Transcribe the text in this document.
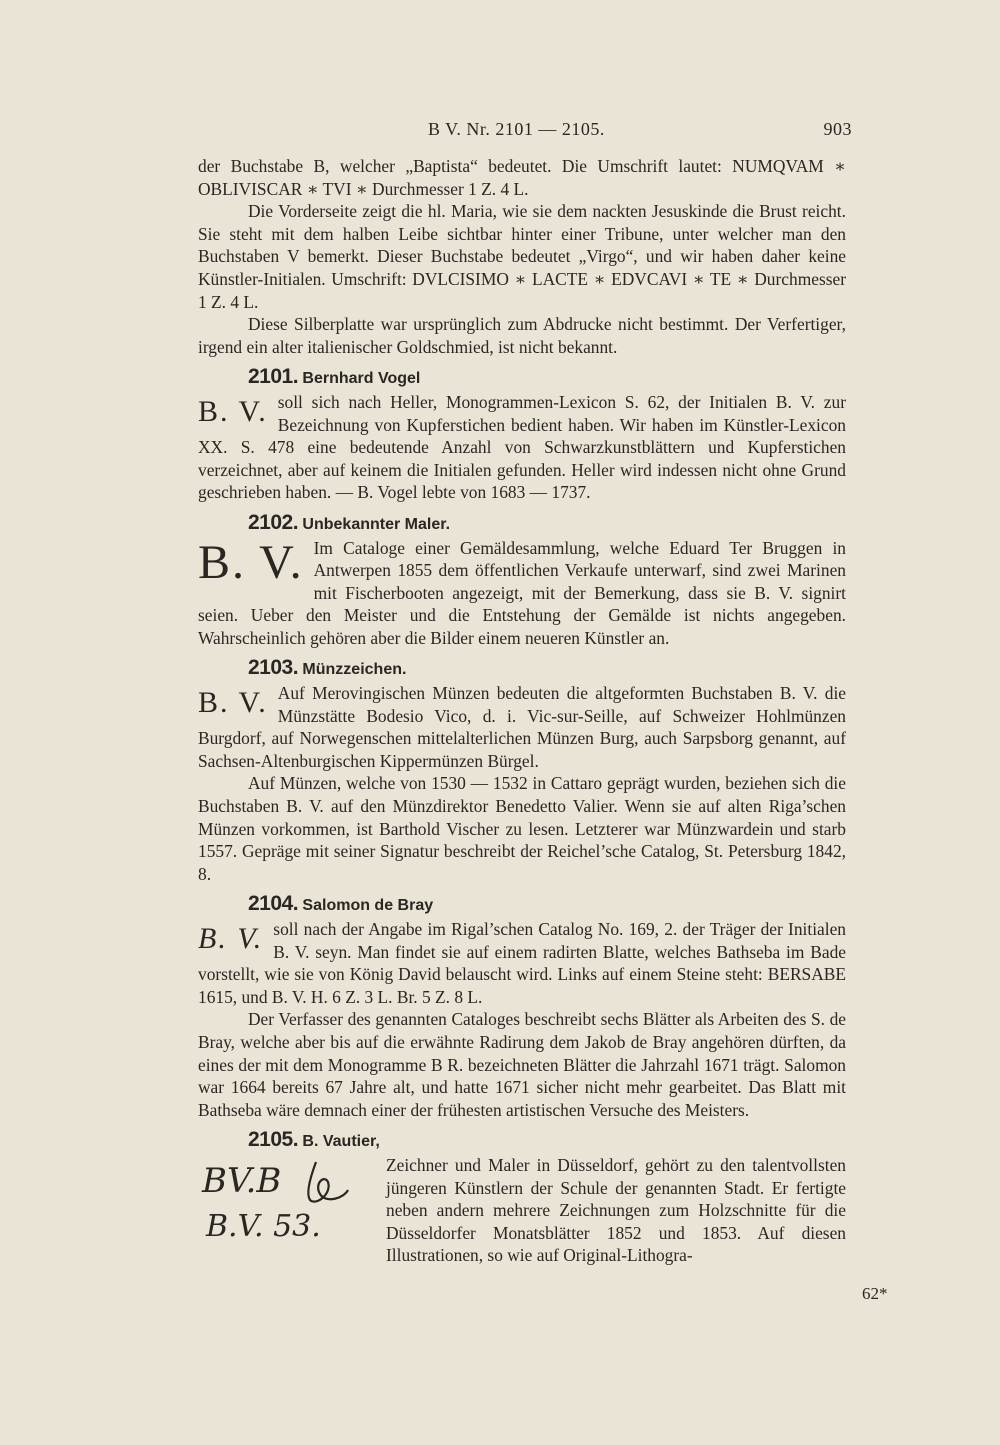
B V. Nr. 2101 — 2105.	903

der Buchstabe B, welcher „Baptista“ bedeutet. Die Umschrift lautet: NUMQVAM ∗ OBLIVISCAR ∗ TVI ∗ Durchmesser 1 Z. 4 L.

Die Vorderseite zeigt die hl. Maria, wie sie dem nackten Jesuskinde die Brust reicht. Sie steht mit dem halben Leibe sichtbar hinter einer Tribune, unter welcher man den Buchstaben V bemerkt. Dieser Buchstabe bedeutet „Virgo“, und wir haben daher keine Künstler-Initialen. Umschrift: DVLCISIMO ∗ LACTE ∗ EDVCAVI ∗ TE ∗ Durchmesser 1 Z. 4 L.

Diese Silberplatte war ursprünglich zum Abdrucke nicht bestimmt. Der Verfertiger, irgend ein alter italienischer Goldschmied, ist nicht bekannt.

2101. Bernhard Vogel

B. V. soll sich nach Heller, Monogrammen-Lexicon S. 62, der Initialen B. V. zur Bezeichnung von Kupferstichen bedient haben. Wir haben im Künstler-Lexicon XX. S. 478 eine bedeutende Anzahl von Schwarzkunstblättern und Kupferstichen verzeichnet, aber auf keinem die Initialen gefunden. Heller wird indessen nicht ohne Grund geschrieben haben. — B. Vogel lebte von 1683 — 1737.

2102. Unbekannter Maler.

B. V. Im Cataloge einer Gemäldesammlung, welche Eduard Ter Bruggen in Antwerpen 1855 dem öffentlichen Verkaufe unterwarf, sind zwei Marinen mit Fischerbooten angezeigt, mit der Bemerkung, dass sie B. V. signirt seien. Ueber den Meister und die Entstehung der Gemälde ist nichts angegeben. Wahrscheinlich gehören aber die Bilder einem neueren Künstler an.

2103. Münzzeichen.

B. V. Auf Merovingischen Münzen bedeuten die altgeformten Buchstaben B. V. die Münzstätte Bodesio Vico, d. i. Vic-sur-Seille, auf Schweizer Hohlmünzen Burgdorf, auf Norwegenschen mittelalterlichen Münzen Burg, auch Sarpsborg genannt, auf Sachsen-Altenburgischen Kippermünzen Bürgel.

Auf Münzen, welche von 1530 — 1532 in Cattaro geprägt wurden, beziehen sich die Buchstaben B. V. auf den Münzdirektor Benedetto Valier. Wenn sie auf alten Riga’schen Münzen vorkommen, ist Barthold Vischer zu lesen. Letzterer war Münzwardein und starb 1557. Gepräge mit seiner Signatur beschreibt der Reichel’sche Catalog, St. Petersburg 1842, 8.

2104. Salomon de Bray

B. V. soll nach der Angabe im Rigal’schen Catalog No. 169, 2. der Träger der Initialen B. V. seyn. Man findet sie auf einem radirten Blatte, welches Bathseba im Bade vorstellt, wie sie von König David belauscht wird. Links auf einem Steine steht: BERSABE 1615, und B. V. H. 6 Z. 3 L. Br. 5 Z. 8 L.

Der Verfasser des genannten Cataloges beschreibt sechs Blätter als Arbeiten des S. de Bray, welche aber bis auf die erwähnte Radirung dem Jakob de Bray angehören dürften, da eines der mit dem Monogramme B R. bezeichneten Blätter die Jahrzahl 1671 trägt. Salomon war 1664 bereits 67 Jahre alt, und hatte 1671 sicher nicht mehr gearbeitet. Das Blatt mit Bathseba wäre demnach einer der frühesten artistischen Versuche des Meisters.

2105. B. Vautier,

BV.B
B.V. 53.

Zeichner und Maler in Düsseldorf, gehört zu den talentvollsten jüngeren Künstlern der Schule der genannten Stadt. Er fertigte neben andern mehrere Zeichnungen zum Holzschnitte für die Düsseldorfer Monatsblätter 1852 und 1853. Auf diesen Illustrationen, so wie auf Original-Lithogra-

62*
